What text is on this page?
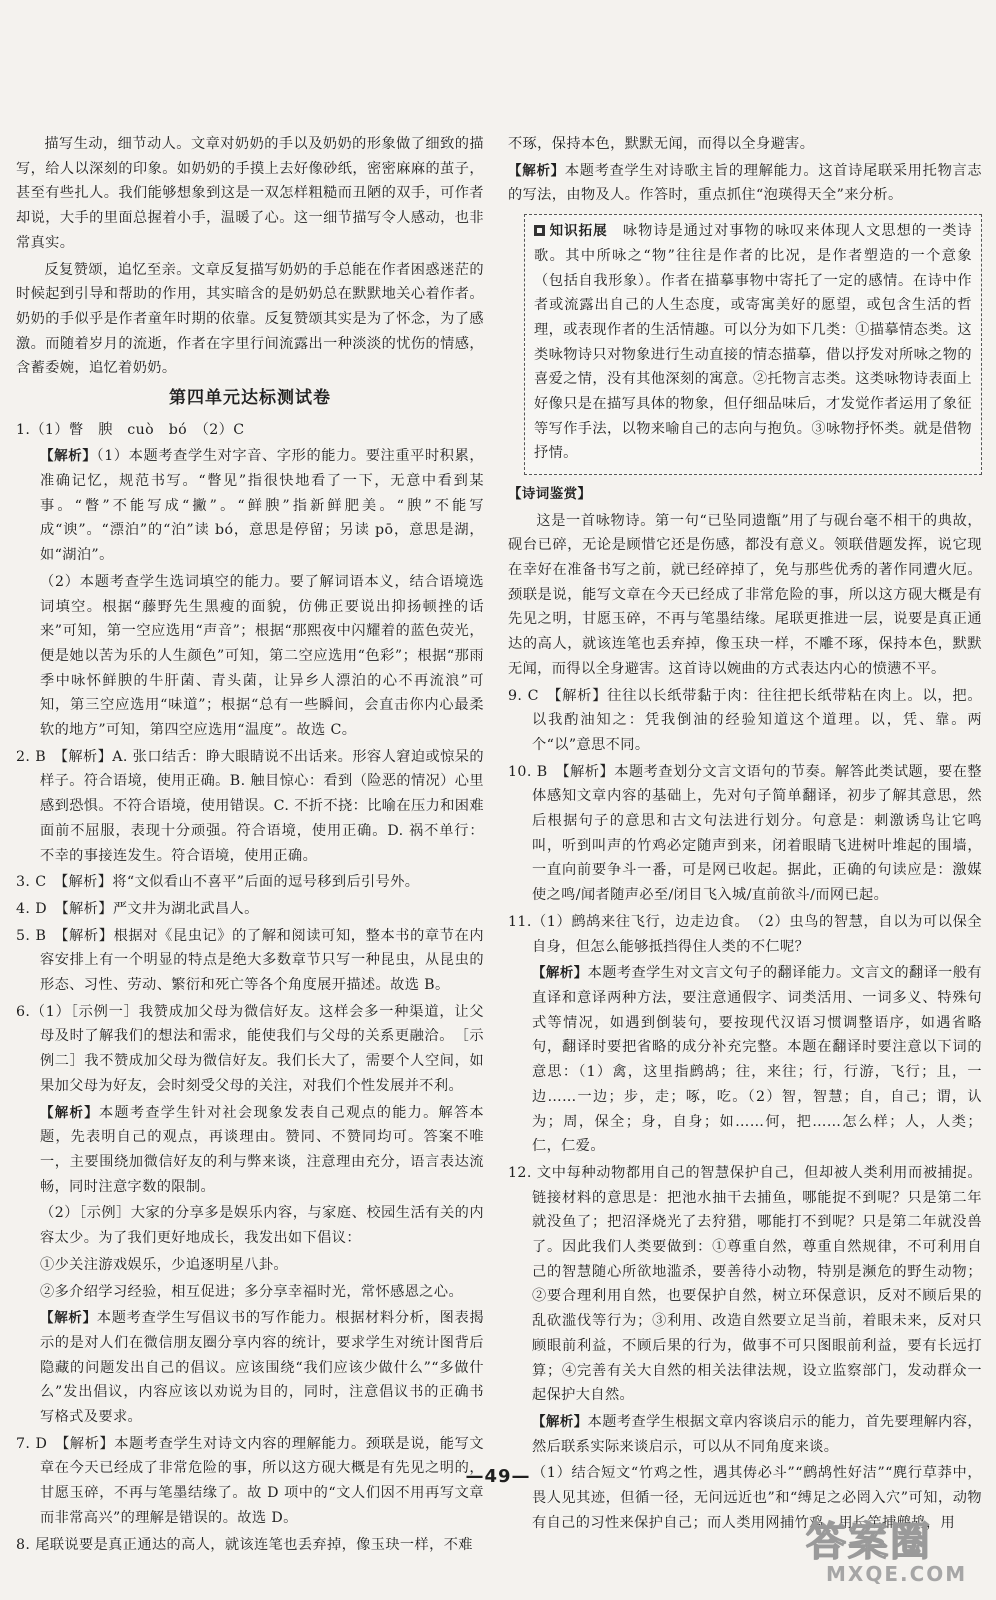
描写生动，细节动人。文章对奶奶的手以及奶奶的形象做了细致的描写，给人以深刻的印象。如奶奶的手摸上去好像砂纸，密密麻麻的茧子，甚至有些扎人。我们能够想象到这是一双怎样粗糙而丑陋的双手，可作者却说，大手的里面总握着小手，温暖了心。这一细节描写令人感动，也非常真实。

反复赞颂，追忆至亲。文章反复描写奶奶的手总能在作者困惑迷茫的时候起到引导和帮助的作用，其实暗含的是奶奶总在默默地关心着作者。奶奶的手似乎是作者童年时期的依靠。反复赞颂其实是为了怀念，为了感激。而随着岁月的流逝，作者在字里行间流露出一种淡淡的忧伤的情感，含蓄委婉，追忆着奶奶。

第四单元达标测试卷

1.（1）瞥　腴　cuò　bó　（2）C

【解析】（1）本题考查学生对字音、字形的能力。要注重平时积累，准确记忆，规范书写。“瞥见”指很快地看了一下，无意中看到某事。“瞥”不能写成“撇”。“鲜腴”指新鲜肥美。“腴”不能写成“谀”。“漂泊”的“泊”读 bó，意思是停留；另读 pō，意思是湖，如“湖泊”。

（2）本题考查学生选词填空的能力。要了解词语本义，结合语境选词填空。根据“藤野先生黑瘦的面貌，仿佛正要说出抑扬顿挫的话来”可知，第一空应选用“声音”；根据“那熙夜中闪耀着的蓝色荧光，便是她以苦为乐的人生颜色”可知，第二空应选用“色彩”；根据“那雨季中咏怀鲜腴的牛肝菌、青头菌，让异乡人漂泊的心不再流浪”可知，第三空应选用“味道”；根据“总有一些瞬间，会直击你内心最柔软的地方”可知，第四空应选用“温度”。故选 C。

2. B　【解析】A. 张口结舌：睁大眼睛说不出话来。形容人窘迫或惊呆的样子。符合语境，使用正确。B. 触目惊心：看到（险恶的情况）心里感到恐惧。不符合语境，使用错误。C. 不折不挠：比喻在压力和困难面前不屈服，表现十分顽强。符合语境，使用正确。D. 祸不单行：不幸的事接连发生。符合语境，使用正确。

3. C　【解析】将“文似看山不喜平”后面的逗号移到后引号外。

4. D　【解析】严文井为湖北武昌人。

5. B　【解析】根据对《昆虫记》的了解和阅读可知，整本书的章节在内容安排上有一个明显的特点是绝大多数章节只写一种昆虫，从昆虫的形态、习性、劳动、繁衍和死亡等各个角度展开描述。故选 B。

6.（1）［示例一］我赞成加父母为微信好友。这样会多一种渠道，让父母及时了解我们的想法和需求，能使我们与父母的关系更融洽。　［示例二］我不赞成加父母为微信好友。我们长大了，需要个人空间，如果加父母为好友，会时刻受父母的关注，对我们个性发展并不利。

【解析】本题考查学生针对社会现象发表自己观点的能力。解答本题，先表明自己的观点，再谈理由。赞同、不赞同均可。答案不唯一，主要围绕加微信好友的利与弊来谈，注意理由充分，语言表达流畅，同时注意字数的限制。

（2）［示例］大家的分享多是娱乐内容，与家庭、校园生活有关的内容太少。为了我们更好地成长，我发出如下倡议：

①少关注游戏娱乐，少追逐明星八卦。

②多介绍学习经验，相互促进；多分享幸福时光，常怀感恩之心。

【解析】本题考查学生写倡议书的写作能力。根据材料分析，图表揭示的是对人们在微信朋友圈分享内容的统计，要求学生对统计图背后隐藏的问题发出自己的倡议。应该围绕“我们应该少做什么”“多做什么”发出倡议，内容应该以劝说为目的，同时，注意倡议书的正确书写格式及要求。

7. D　【解析】本题考查学生对诗文内容的理解能力。颈联是说，能写文章在今天已经成了非常危险的事，所以这方砚大概是有先见之明的，甘愿玉碎，不再与笔墨结缘了。故 D 项中的“文人们因不用再写文章而非常高兴”的理解是错误的。故选 D。

8. 尾联说要是真正通达的高人，就该连笔也丢弃掉，像玉玦一样，不难

不琢，保持本色，默默无闻，而得以全身避害。

【解析】本题考查学生对诗歌主旨的理解能力。这首诗尾联采用托物言志的写法，由物及人。作答时，重点抓住“泡瑛得天全”来分析。

知识拓展　 咏物诗是通过对事物的咏叹来体现人文思想的一类诗歌。其中所咏之“物”往往是作者的比况，是作者塑造的一个意象（包括自我形象）。作者在描摹事物中寄托了一定的感情。在诗中作者或流露出自己的人生态度，或寄寓美好的愿望，或包含生活的哲理，或表现作者的生活情趣。可以分为如下几类：①描摹情态类。这类咏物诗只对物象进行生动直接的情态描摹，借以抒发对所咏之物的喜爱之情，没有其他深刻的寓意。②托物言志类。这类咏物诗表面上好像只是在描写具体的物象，但仔细品味后，才发觉作者运用了象征等写作手法，以物来喻自己的志向与抱负。③咏物抒怀类。就是借物抒情。

【诗词鉴赏】

这是一首咏物诗。第一句“已坠同遗甑”用了与砚台毫不相干的典故，砚台已碎，无论是顾惜它还是伤感，都没有意义。领联借题发挥，说它现在幸好在准备书写之前，就已经碎掉了，免与那些优秀的著作同遭火厄。颈联是说，能写文章在今天已经成了非常危险的事，所以这方砚大概是有先见之明，甘愿玉碎，不再与笔墨结缘。尾联更推进一层，说要是真正通达的高人，就该连笔也丢弃掉，像玉玦一样，不雕不琢，保持本色，默默无闻，而得以全身避害。这首诗以婉曲的方式表达内心的愤懑不平。

9. C　【解析】往往以长纸带黏于肉：往往把长纸带粘在肉上。以，把。以我酌油知之：凭我倒油的经验知道这个道理。以，凭、靠。两个“以”意思不同。

10. B　【解析】本题考查划分文言文语句的节奏。解答此类试题，要在整体感知文章内容的基础上，先对句子简单翻译，初步了解其意思，然后根据句子的意思和古文句法进行划分。句意是：刺激诱鸟让它鸣叫，听到叫声的竹鸡必定随声到来，闭着眼睛飞进树叶堆起的围墙，一直向前要争斗一番，可是网已收起。据此，正确的句读应是：激媒使之鸣/闻者随声必至/闭目飞入城/直前欲斗/而网已起。

11.（1）鹧鸪来往飞行，边走边食。　（2）虫鸟的智慧，自以为可以保全自身，但怎么能够抵挡得住人类的不仁呢？

【解析】本题考查学生对文言文句子的翻译能力。文言文的翻译一般有直译和意译两种方法，要注意通假字、词类活用、一词多义、特殊句式等情况，如遇到倒装句，要按现代汉语习惯调整语序，如遇省略句，翻译时要把省略的成分补充完整。本题在翻译时要注意以下词的意思：（1）禽，这里指鹧鸪；往，来往；行，行游，飞行；且，一边……一边；步，走；啄，吃。（2）智，智慧；自，自己；谓，认为；周，保全；身，自身；如……何，把……怎么样；人，人类；仁，仁爱。

12. 文中每种动物都用自己的智慧保护自己，但却被人类利用而被捕捉。链接材料的意思是：把池水抽干去捕鱼，哪能捉不到呢？只是第二年就没鱼了；把沼泽烧光了去狩猎，哪能打不到呢？只是第二年就没兽了。因此我们人类要做到：①尊重自然，尊重自然规律，不可利用自己的智慧随心所欲地滥杀，要善待小动物，特别是濒危的野生动物；②要合理利用自然，也要保护自然，树立环保意识，反对不顾后果的乱砍滥伐等行为；③利用、改造自然要立足当前，着眼未来，反对只顾眼前利益，不顾后果的行为，做事不可只图眼前利益，要有长远打算；④完善有关大自然的相关法律法规，设立监察部门，发动群众一起保护大自然。

【解析】本题考查学生根据文章内容谈启示的能力，首先要理解内容，然后联系实际来谈启示，可以从不同角度来谈。

（1）结合短文“竹鸡之性，遇其俦必斗”“鹧鸪性好洁”“麂行草莽中，畏人见其迹，但循一径，无问远近也”和“缚足之必罔入穴”可知，动物有自己的习性来保护自己；而人类用网捕竹鸡，用长竿捕鹧鸪，用

—49—
答案圈
MXQE.COM
